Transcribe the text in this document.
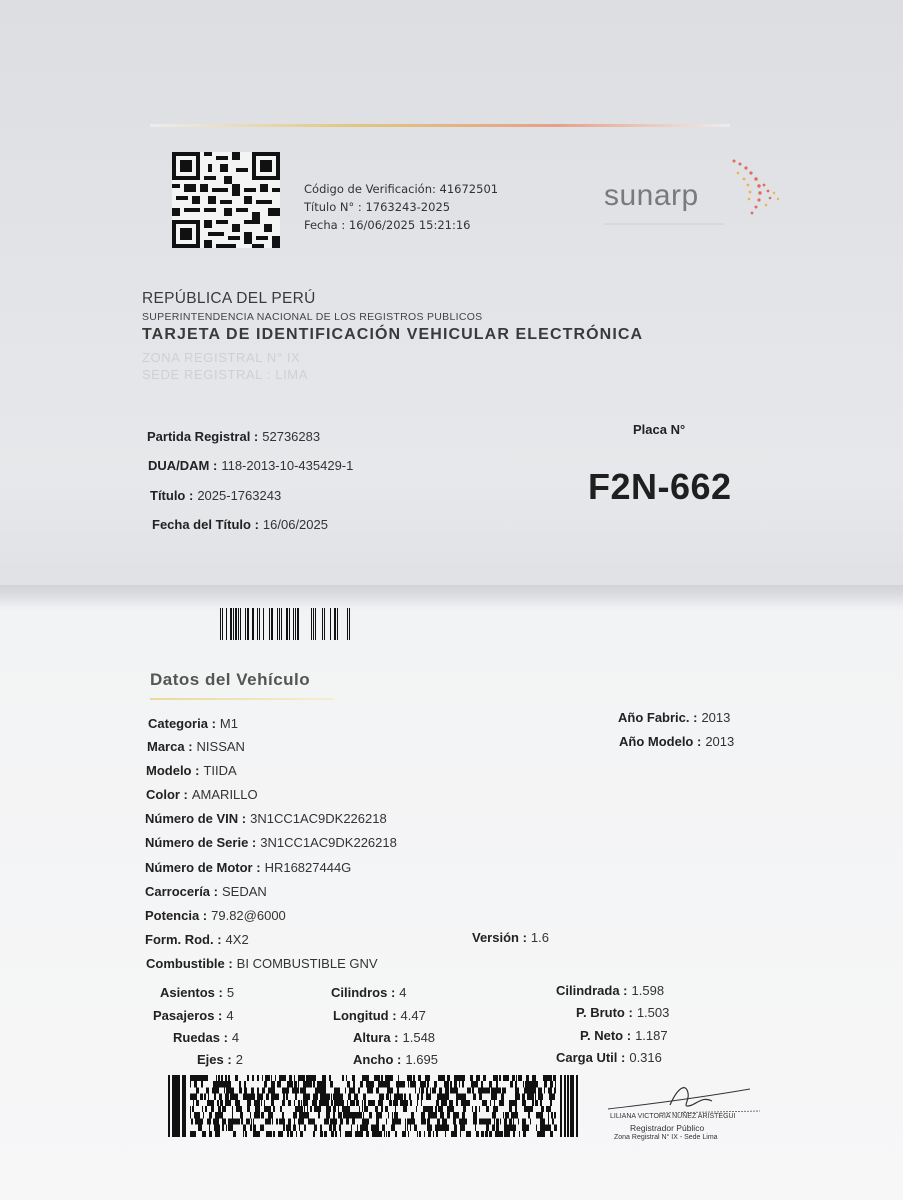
Código de Verificación: 41672501
Título N° : 1763243-2025
Fecha : 16/06/2025 15:21:16
sunarp
REPÚBLICA DEL PERÚ
SUPERINTENDENCIA NACIONAL DE LOS REGISTROS PUBLICOS
TARJETA DE IDENTIFICACIÓN VEHICULAR ELECTRÓNICA
ZONA REGISTRAL N° IX
SEDE REGISTRAL : LIMA
Partida Registral : 52736283
DUA/DAM : 118-2013-10-435429-1
Título : 2025-1763243
Fecha del Título : 16/06/2025
Placa N°
F2N-662
Datos del Vehículo
Categoria : M1
Marca : NISSAN
Modelo : TIIDA
Color : AMARILLO
Número de VIN : 3N1CC1AC9DK226218
Número de Serie : 3N1CC1AC9DK226218
Número de Motor : HR16827444G
Carrocería : SEDAN
Potencia : 79.82@6000
Form. Rod. : 4X2	Versión : 1.6
Combustible : BI COMBUSTIBLE GNV
Año Fabric. : 2013
Año Modelo : 2013
Asientos : 5
Pasajeros : 4
Ruedas : 4
Ejes : 2
Cilindros : 4
Longitud : 4.47
Altura : 1.548
Ancho : 1.695
Cilindrada : 1.598
P. Bruto : 1.503
P. Neto : 1.187
Carga Util : 0.316
LILIANA VICTORIA NUÑEZ ARISTEGUI
Registrador Público
Zona Registral N° IX - Sede Lima
